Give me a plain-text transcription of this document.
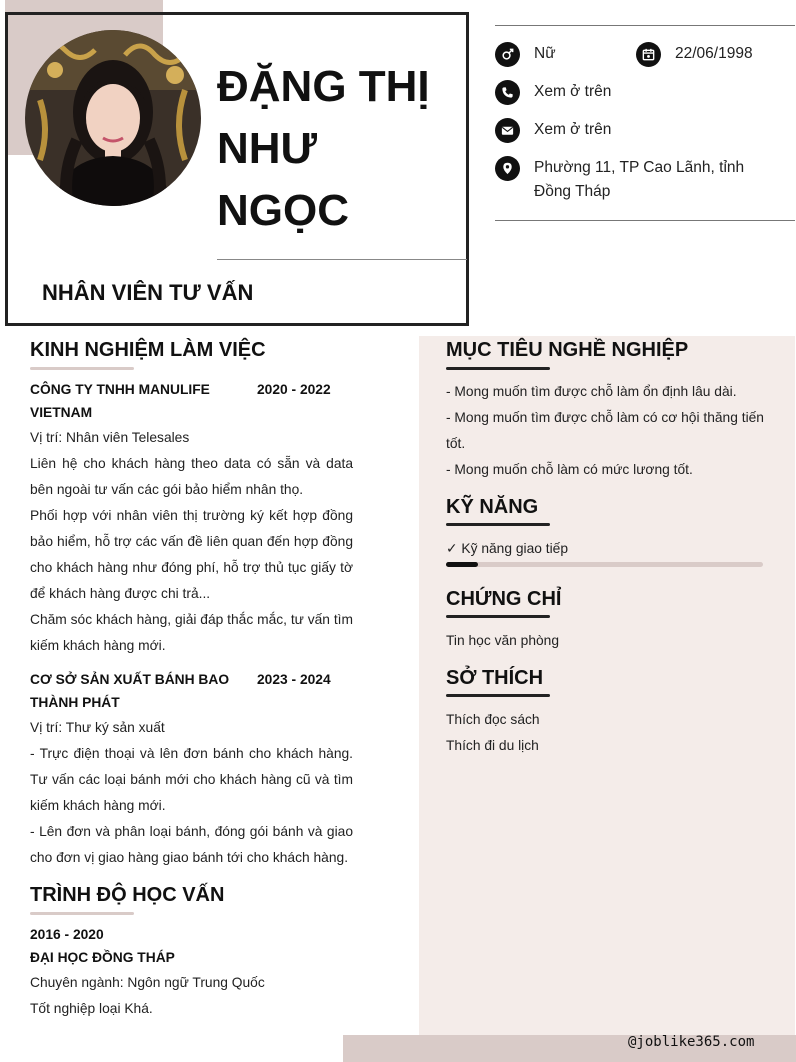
ĐẶNG THỊ
NHƯ
NGỌC
NHÂN VIÊN TƯ VẤN
Nữ	22/06/1998
Xem ở trên
Xem ở trên
Phường 11, TP Cao Lãnh, tỉnh
Đồng Tháp
KINH NGHIỆM LÀM VIỆC
CÔNG TY TNHH MANULIFE
VIETNAM
2020 - 2022
Vị trí: Nhân viên Telesales
Liên hệ cho khách hàng theo data có sẵn và data bên ngoài tư vấn các gói bảo hiểm nhân thọ.
Phối hợp với nhân viên thị trường ký kết hợp đồng bảo hiểm, hỗ trợ các vấn đề liên quan đến hợp đồng cho khách hàng như đóng phí, hỗ trợ thủ tục giấy tờ để khách hàng được chi trả...
Chăm sóc khách hàng, giải đáp thắc mắc, tư vấn tìm kiếm khách hàng mới.
CƠ SỞ SẢN XUẤT BÁNH BAO
THÀNH PHÁT
2023 - 2024
Vị trí: Thư ký sản xuất
- Trực điện thoại và lên đơn bánh cho khách hàng. Tư vấn các loại bánh mới cho khách hàng cũ và tìm kiếm khách hàng mới.
- Lên đơn và phân loại bánh, đóng gói bánh và giao cho đơn vị giao hàng giao bánh tới cho khách hàng.
TRÌNH ĐỘ HỌC VẤN
2016 - 2020
ĐẠI HỌC ĐỒNG THÁP
Chuyên ngành: Ngôn ngữ Trung Quốc
Tốt nghiệp loại Khá.
MỤC TIÊU NGHỀ NGHIỆP
- Mong muốn tìm được chỗ làm ổn định lâu dài.
- Mong muốn tìm được chỗ làm có cơ hội thăng tiến tốt.
- Mong muốn chỗ làm có mức lương tốt.
KỸ NĂNG
✓ Kỹ năng giao tiếp
CHỨNG CHỈ
Tin học văn phòng
SỞ THÍCH
Thích đọc sách
Thích đi du lịch
@joblike365.com
